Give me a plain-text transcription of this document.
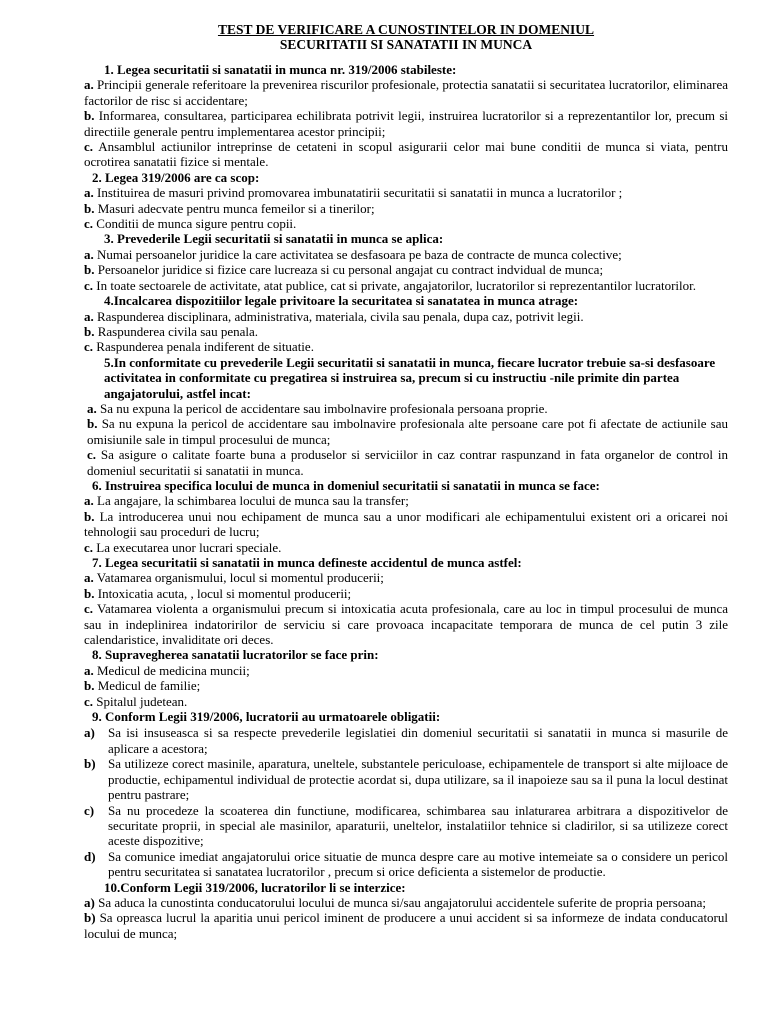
TEST DE VERIFICARE A CUNOSTINTELOR IN DOMENIUL
SECURITATII SI SANATATII IN MUNCA
1. Legea securitatii si sanatatii in munca nr. 319/2006 stabileste:
a. Principii generale referitoare la prevenirea riscurilor profesionale, protectia sanatatii si securitatea lucratorilor, eliminarea factorilor de risc si accidentare;
b. Informarea, consultarea, participarea echilibrata potrivit legii, instruirea lucratorilor si a reprezentantilor lor, precum si directiile generale pentru implementarea acestor principii;
c. Ansamblul actiunilor intreprinse de cetateni in scopul asigurarii celor mai bune conditii de munca si viata, pentru ocrotirea sanatatii fizice si mentale.
2. Legea 319/2006 are ca scop:
a. Instituirea de masuri privind promovarea imbunatatirii securitatii si sanatatii in munca a lucratorilor ;
b. Masuri adecvate pentru munca femeilor si a tinerilor;
c. Conditii de munca sigure pentru copii.
3. Prevederile Legii securitatii si sanatatii in munca se aplica:
a. Numai persoanelor juridice la care activitatea se desfasoara pe baza de contracte de munca colective;
b. Persoanelor juridice si fizice care lucreaza si cu personal angajat cu contract indvidual de munca;
c. In toate sectoarele de activitate, atat publice, cat si private, angajatorilor, lucratorilor si reprezentantilor lucratorilor.
4.Incalcarea dispozitiilor legale privitoare la securitatea si sanatatea in munca atrage:
a. Raspunderea disciplinara, administrativa, materiala, civila sau penala, dupa caz, potrivit legii.
b. Raspunderea civila sau penala.
c. Raspunderea penala indiferent de situatie.
5.In conformitate cu prevederile Legii securitatii si sanatatii in munca, fiecare lucrator trebuie sa-si desfasoare activitatea in conformitate cu pregatirea si instruirea sa, precum si cu instructiu -nile primite din partea angajatorului, astfel incat:
a. Sa nu expuna la pericol de accidentare sau imbolnavire profesionala persoana proprie.
b. Sa nu expuna la pericol de accidentare sau imbolnavire profesionala alte persoane care pot fi afectate de actiunile sau omisiunile sale in timpul procesului de munca;
c. Sa asigure o calitate foarte buna a produselor si serviciilor in caz contrar raspunzand in fata organelor de control in domeniul securitatii si sanatatii in munca.
6. Instruirea specifica locului de munca in domeniul securitatii si sanatatii in munca se face:
a. La angajare, la schimbarea locului de munca sau la transfer;
b. La introducerea unui nou echipament de munca sau a unor modificari ale echipamentului existent ori a oricarei noi tehnologii sau proceduri de lucru;
c. La executarea unor lucrari speciale.
7. Legea securitatii si sanatatii in munca defineste accidentul de munca astfel:
a. Vatamarea organismului, locul si momentul producerii;
b. Intoxicatia acuta, , locul si momentul producerii;
c. Vatamarea violenta a organismului precum si intoxicatia acuta profesionala, care au loc in timpul procesului de munca sau in indeplinirea indatoririlor de serviciu si care provoaca incapacitate temporara de munca de cel putin 3 zile calendaristice, invaliditate ori deces.
8. Supravegherea sanatatii lucratorilor se face prin:
a. Medicul de medicina muncii;
b. Medicul de familie;
c. Spitalul judetean.
9. Conform Legii 319/2006, lucratorii au urmatoarele obligatii:
a)	Sa isi insuseasca si sa respecte prevederile legislatiei din domeniul securitatii si sanatatii in munca si masurile de aplicare a acestora;
b) Sa utilizeze corect masinile, aparatura, uneltele, substantele periculoase, echipamentele de transport si alte mijloace de productie, echipamentul individual de protectie acordat si, dupa utilizare, sa il inapoieze sau sa il puna la locul destinat pentru pastrare;
c)	Sa nu procedeze la scoaterea din functiune, modificarea, schimbarea sau inlaturarea arbitrara a dispozitivelor de securitate proprii, in special ale masinilor, aparaturii, uneltelor, instalatiilor tehnice si cladirilor, si sa utilizeze corect aceste dispozitive;
d) Sa comunice imediat angajatorului orice situatie de munca despre care au motive intemeiate sa o considere un pericol pentru securitatea si sanatatea lucratorilor , precum si orice deficienta a sistemelor de productie.
10.Conform Legii 319/2006, lucratorilor li se interzice:
a) Sa aduca la cunostinta conducatorului locului de munca si/sau angajatorului accidentele suferite de propria persoana;
b) Sa opreasca lucrul la aparitia unui pericol iminent de producere a unui accident si sa informeze de indata conducatorul locului de munca;
